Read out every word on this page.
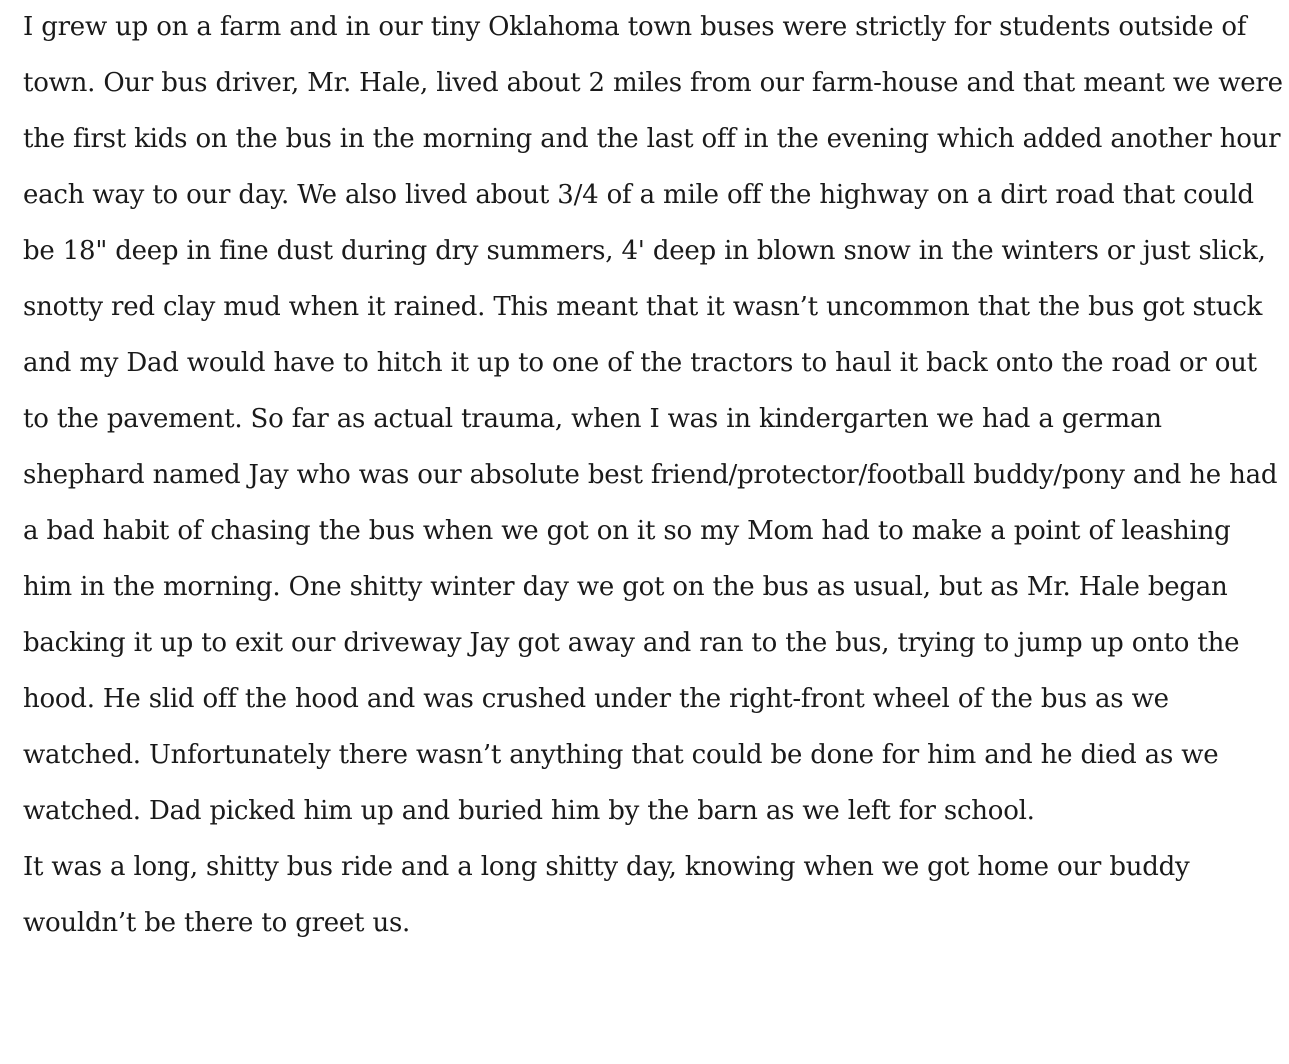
I grew up on a farm and in our tiny Oklahoma town buses were strictly for students outside of town. Our bus driver, Mr. Hale, lived about 2 miles from our farm-house and that meant we were the first kids on the bus in the morning and the last off in the evening which added another hour each way to our day. We also lived about 3/4 of a mile off the highway on a dirt road that could be 18" deep in fine dust during dry summers, 4' deep in blown snow in the winters or just slick, snotty red clay mud when it rained. This meant that it wasn’t uncommon that the bus got stuck and my Dad would have to hitch it up to one of the tractors to haul it back onto the road or out to the pavement. So far as actual trauma, when I was in kindergarten we had a german shephard named Jay who was our absolute best friend/protector/football buddy/pony and he had a bad habit of chasing the bus when we got on it so my Mom had to make a point of leashing him in the morning. One shitty winter day we got on the bus as usual, but as Mr. Hale began backing it up to exit our driveway Jay got away and ran to the bus, trying to jump up onto the hood. He slid off the hood and was crushed under the right-front wheel of the bus as we watched. Unfortunately there wasn’t anything that could be done for him and he died as we watched. Dad picked him up and buried him by the barn as we left for school.

It was a long, shitty bus ride and a long shitty day, knowing when we got home our buddy wouldn’t be there to greet us.
